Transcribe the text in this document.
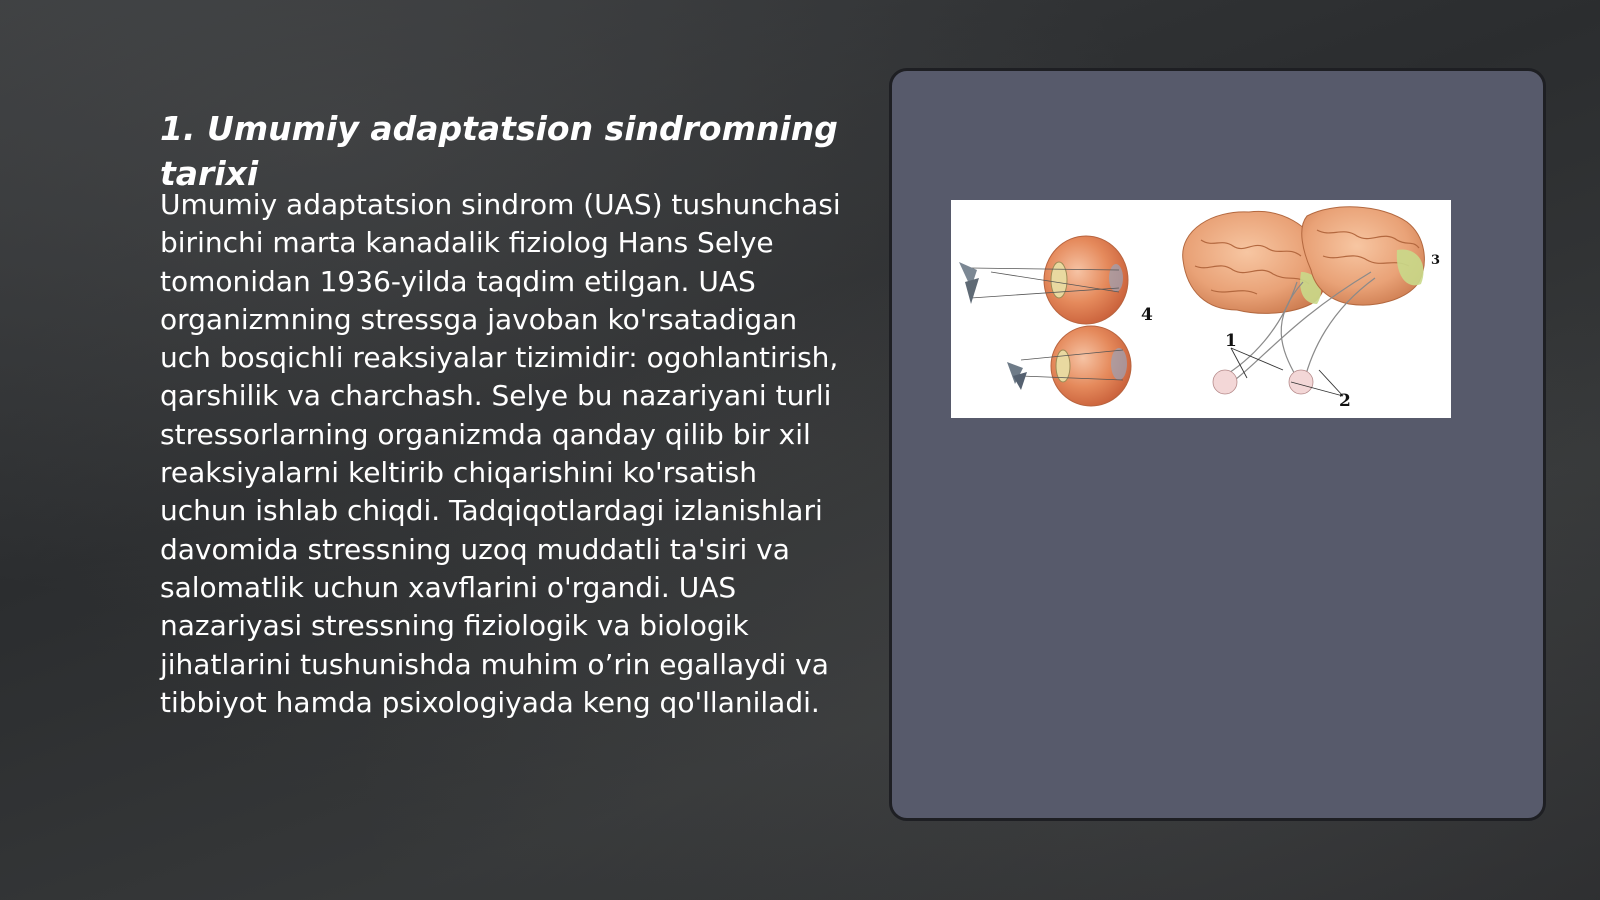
1. Umumiy adaptatsion sindromning tarixi

Umumiy adaptatsion sindrom (UAS) tushunchasi birinchi marta kanadalik fiziolog Hans Selye tomonidan 1936-yilda taqdim etilgan. UAS organizmning stressga javoban ko'rsatadigan uch bosqichli reaksiyalar tizimidir: ogohlantirish, qarshilik va charchash. Selye bu nazariyani turli stressorlarning organizmda qanday qilib bir xil reaksiyalarni keltirib chiqarishini ko'rsatish uchun ishlab chiqdi. Tadqiqotlardagi izlanishlari davomida stressning uzoq muddatli ta'siri va salomatlik uchun xavflarini o'rgandi. UAS nazariyasi stressning fiziologik va biologik jihatlarini tushunishda muhim o’rin egallaydi va tibbiyot hamda psixologiyada keng qo'llaniladi.

1
2
3
4
